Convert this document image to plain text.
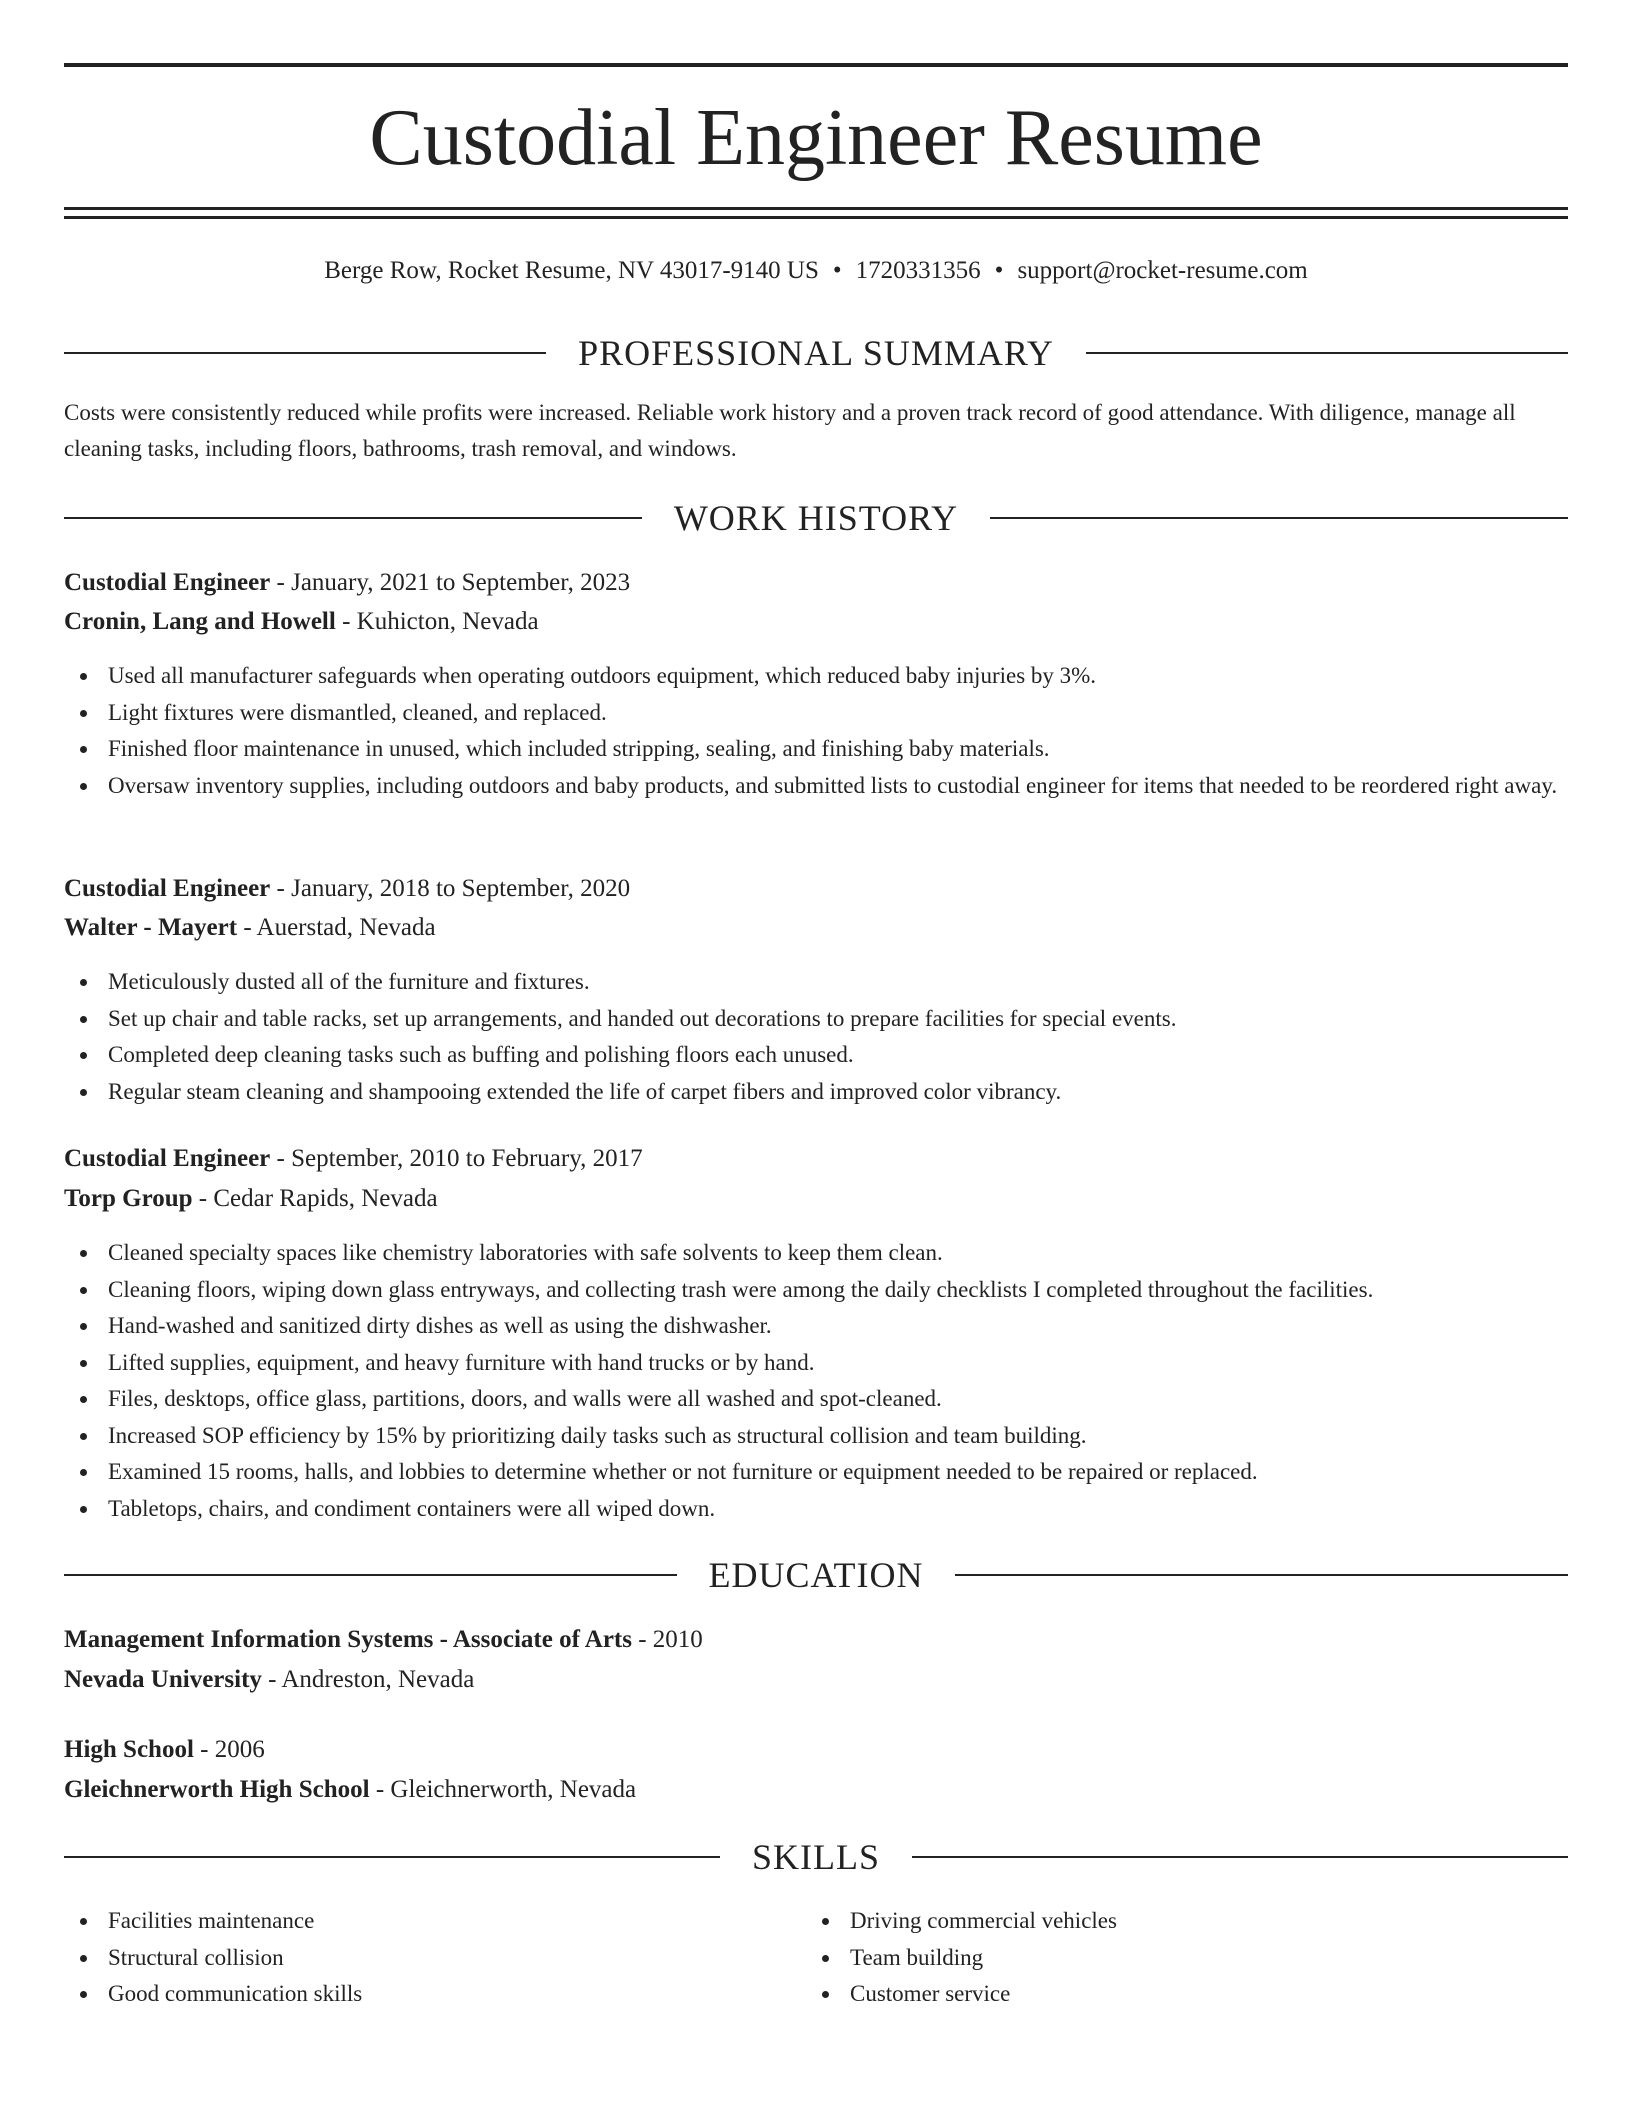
Custodial Engineer Resume
Berge Row, Rocket Resume, NV 43017-9140 US • 1720331356 • support@rocket-resume.com
PROFESSIONAL SUMMARY
Costs were consistently reduced while profits were increased. Reliable work history and a proven track record of good attendance. With diligence, manage all cleaning tasks, including floors, bathrooms, trash removal, and windows.
WORK HISTORY
Custodial Engineer - January, 2021 to September, 2023
Cronin, Lang and Howell - Kuhicton, Nevada
Used all manufacturer safeguards when operating outdoors equipment, which reduced baby injuries by 3%.
Light fixtures were dismantled, cleaned, and replaced.
Finished floor maintenance in unused, which included stripping, sealing, and finishing baby materials.
Oversaw inventory supplies, including outdoors and baby products, and submitted lists to custodial engineer for items that needed to be reordered right away.
Custodial Engineer - January, 2018 to September, 2020
Walter - Mayert - Auerstad, Nevada
Meticulously dusted all of the furniture and fixtures.
Set up chair and table racks, set up arrangements, and handed out decorations to prepare facilities for special events.
Completed deep cleaning tasks such as buffing and polishing floors each unused.
Regular steam cleaning and shampooing extended the life of carpet fibers and improved color vibrancy.
Custodial Engineer - September, 2010 to February, 2017
Torp Group - Cedar Rapids, Nevada
Cleaned specialty spaces like chemistry laboratories with safe solvents to keep them clean.
Cleaning floors, wiping down glass entryways, and collecting trash were among the daily checklists I completed throughout the facilities.
Hand-washed and sanitized dirty dishes as well as using the dishwasher.
Lifted supplies, equipment, and heavy furniture with hand trucks or by hand.
Files, desktops, office glass, partitions, doors, and walls were all washed and spot-cleaned.
Increased SOP efficiency by 15% by prioritizing daily tasks such as structural collision and team building.
Examined 15 rooms, halls, and lobbies to determine whether or not furniture or equipment needed to be repaired or replaced.
Tabletops, chairs, and condiment containers were all wiped down.
EDUCATION
Management Information Systems - Associate of Arts - 2010
Nevada University - Andreston, Nevada
High School - 2006
Gleichnerworth High School - Gleichnerworth, Nevada
SKILLS
Facilities maintenance
Structural collision
Good communication skills
Driving commercial vehicles
Team building
Customer service
